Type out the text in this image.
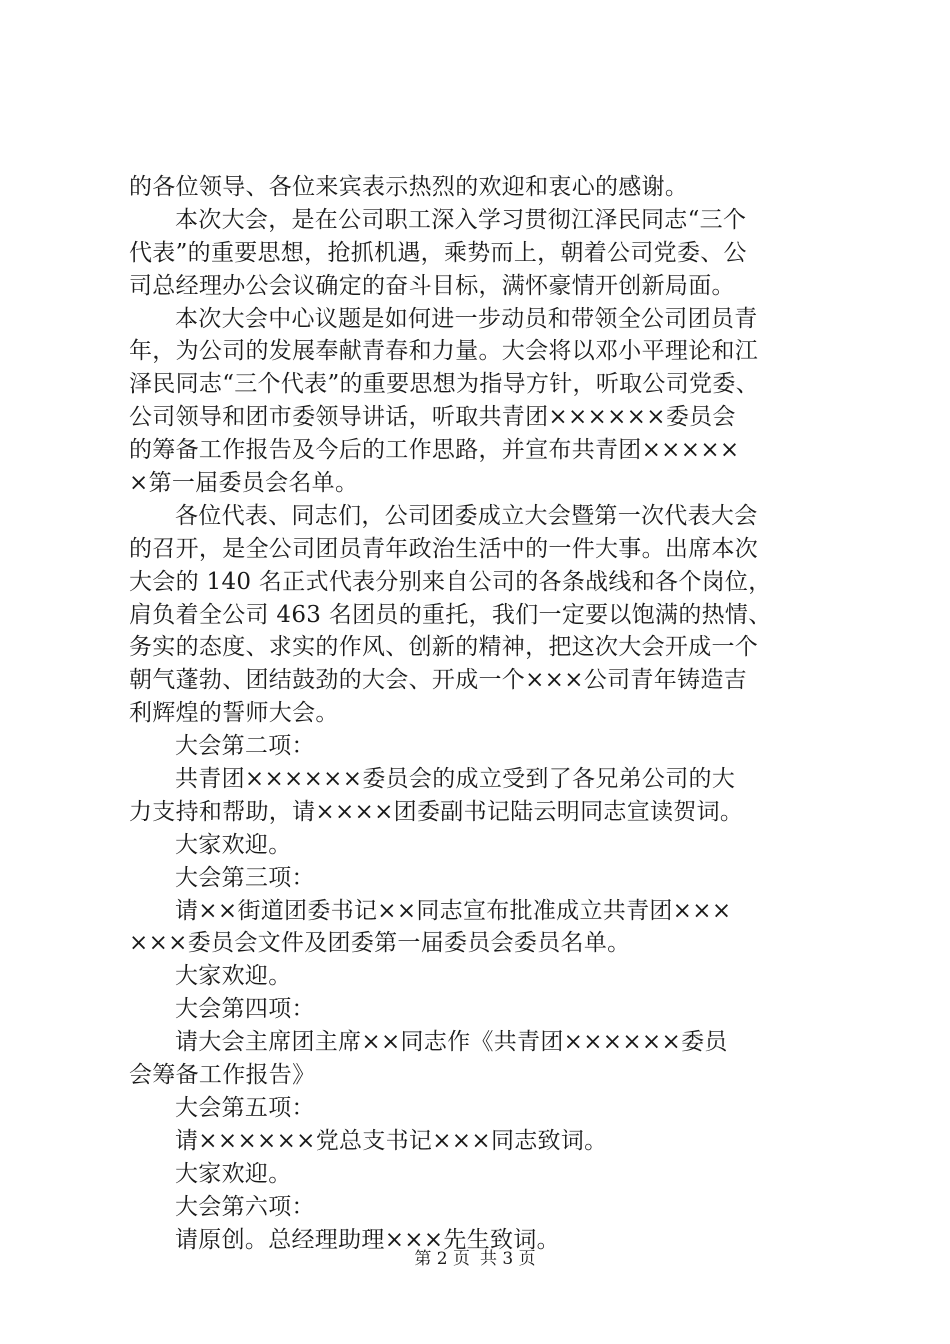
的各位领导、各位来宾表示热烈的欢迎和衷心的感谢。
本次大会，是在公司职工深入学习贯彻江泽民同志“三个
代表”的重要思想，抢抓机遇，乘势而上，朝着公司党委、公
司总经理办公会议确定的奋斗目标，满怀豪情开创新局面。
本次大会中心议题是如何进一步动员和带领全公司团员青
年，为公司的发展奉献青春和力量。大会将以邓小平理论和江
泽民同志“三个代表”的重要思想为指导方针，听取公司党委、
公司领导和团市委领导讲话，听取共青团××××××委员会
的筹备工作报告及今后的工作思路，并宣布共青团×××××
×第一届委员会名单。
各位代表、同志们，公司团委成立大会暨第一次代表大会
的召开，是全公司团员青年政治生活中的一件大事。出席本次
大会的 140 名正式代表分别来自公司的各条战线和各个岗位，
肩负着全公司 463 名团员的重托，我们一定要以饱满的热情、
务实的态度、求实的作风、创新的精神，把这次大会开成一个
朝气蓬勃、团结鼓劲的大会、开成一个×××公司青年铸造吉
利辉煌的誓师大会。
大会第二项：
共青团××××××委员会的成立受到了各兄弟公司的大
力支持和帮助，请××××团委副书记陆云明同志宣读贺词。
大家欢迎。
大会第三项：
请××街道团委书记××同志宣布批准成立共青团×××
×××委员会文件及团委第一届委员会委员名单。
大家欢迎。
大会第四项：
请大会主席团主席××同志作《共青团××××××委员
会筹备工作报告》
大会第五项：
请××××××党总支书记×××同志致词。
大家欢迎。
大会第六项：
请原创。总经理助理×××先生致词。
第 2 页 共 3 页
